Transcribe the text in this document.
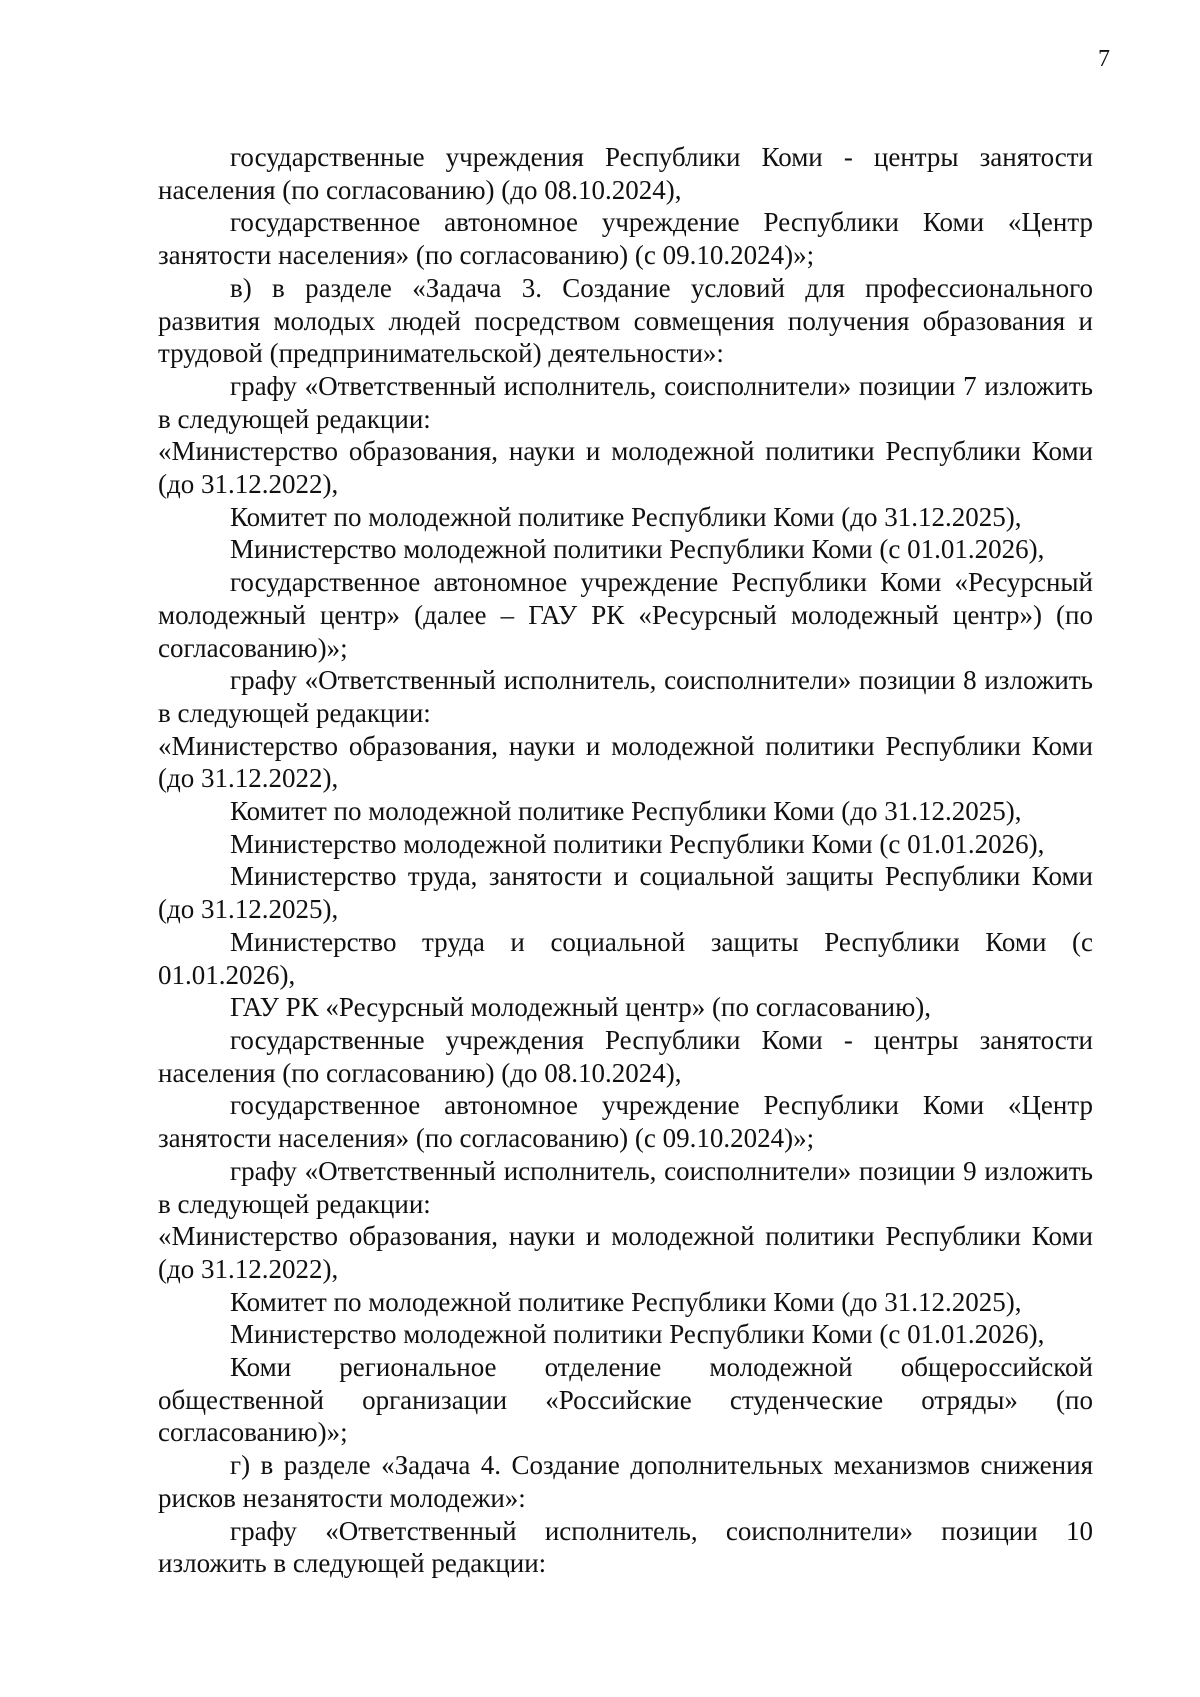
7

государственные учреждения Республики Коми - центры занятости населения (по согласованию) (до 08.10.2024),

государственное автономное учреждение Республики Коми «Центр занятости населения» (по согласованию) (с 09.10.2024)»;

в) в разделе «Задача 3. Создание условий для профессионального развития молодых людей посредством совмещения получения образования и трудовой (предпринимательской) деятельности»:

графу «Ответственный исполнитель, соисполнители» позиции 7 изложить в следующей редакции:

«Министерство образования, науки и молодежной политики Республики Коми (до 31.12.2022),

Комитет по молодежной политике Республики Коми (до 31.12.2025),

Министерство молодежной политики Республики Коми (с 01.01.2026),

государственное автономное учреждение Республики Коми «Ресурсный молодежный центр» (далее – ГАУ РК «Ресурсный молодежный центр») (по согласованию)»;

графу «Ответственный исполнитель, соисполнители» позиции 8 изложить в следующей редакции:

«Министерство образования, науки и молодежной политики Республики Коми (до 31.12.2022),

Комитет по молодежной политике Республики Коми (до 31.12.2025),

Министерство молодежной политики Республики Коми (с 01.01.2026),

Министерство труда, занятости и социальной защиты Республики Коми (до 31.12.2025),

Министерство труда и социальной защиты Республики Коми (с 01.01.2026),

ГАУ РК «Ресурсный молодежный центр» (по согласованию),

государственные учреждения Республики Коми - центры занятости населения (по согласованию) (до 08.10.2024),

государственное автономное учреждение Республики Коми «Центр занятости населения» (по согласованию) (с 09.10.2024)»;

графу «Ответственный исполнитель, соисполнители» позиции 9 изложить в следующей редакции:

«Министерство образования, науки и молодежной политики Республики Коми (до 31.12.2022),

Комитет по молодежной политике Республики Коми (до 31.12.2025),

Министерство молодежной политики Республики Коми (с 01.01.2026),

Коми региональное отделение молодежной общероссийской общественной организации «Российские студенческие отряды» (по согласованию)»;

г) в разделе «Задача 4. Создание дополнительных механизмов снижения рисков незанятости молодежи»:

графу «Ответственный исполнитель, соисполнители» позиции 10 изложить в следующей редакции:
